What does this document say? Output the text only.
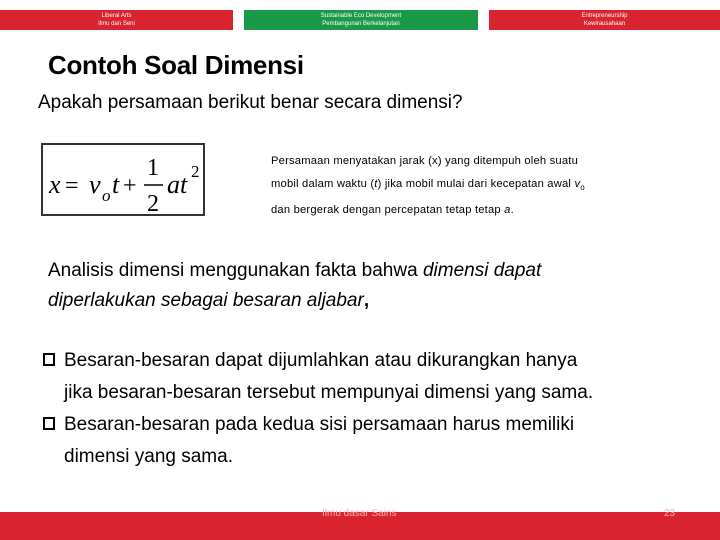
Liberal Arts
Ilmu dan Seni
Sustainable Eco Development
Pembangunan Berkelanjutan
Entrepreneurship
Kewirausahaan
Contoh Soal Dimensi
Apakah persamaan berikut benar secara dimensi?
x = v o t +
1
2
at 2

Persamaan menyatakan jarak (x) yang ditempuh oleh suatu

mobil dalam waktu (t) jika mobil mulai dari kecepatan awal $v_o$

dan bergerak dengan percepatan tetap tetap a.

Analisis dimensi menggunakan fakta bahwa dimensi dapat

diperlakukan sebagai besaran aljabar,

Besaran-besaran dapat dijumlahkan atau dikurangkan hanya
jika besaran-besaran tersebut mempunyai dimensi yang sama.
Besaran-besaran pada kedua sisi persamaan harus memiliki
dimensi yang sama.
Ilmu dasar Sains	23
